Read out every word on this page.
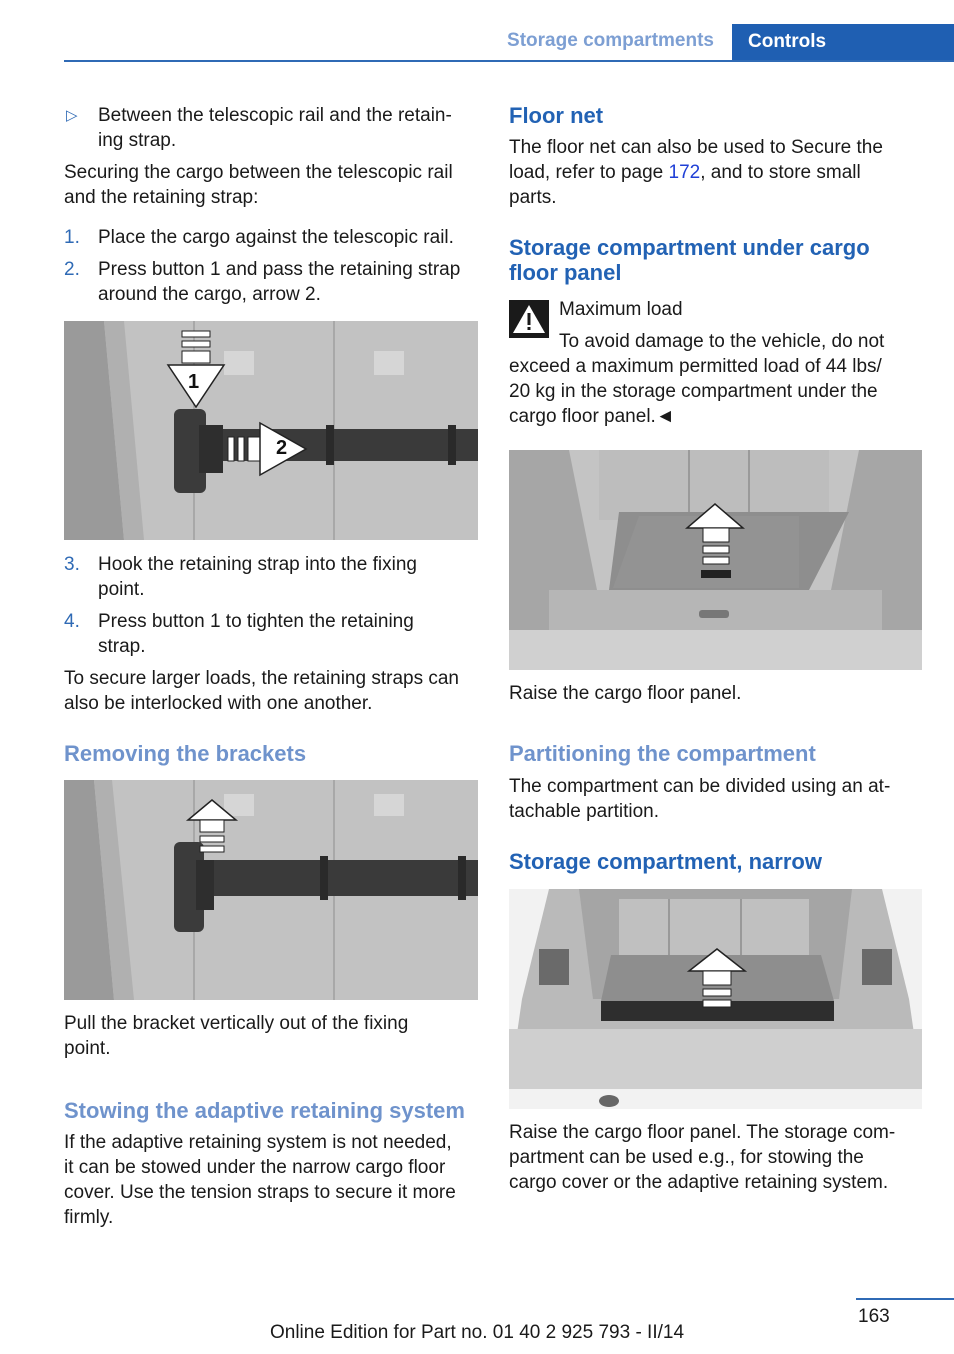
Storage compartments	Controls
▷ Between the telescopic rail and the retain-
ing strap.
Securing the cargo between the telescopic rail
and the retaining strap:
1. Place the cargo against the telescopic rail.
2. Press button 1 and pass the retaining strap
around the cargo, arrow 2.
1
2
3. Hook the retaining strap into the fixing
point.
4. Press button 1 to tighten the retaining
strap.
To secure larger loads, the retaining straps can
also be interlocked with one another.
Removing the brackets
Pull the bracket vertically out of the fixing
point.
Stowing the adaptive retaining system
If the adaptive retaining system is not needed,
it can be stowed under the narrow cargo floor
cover. Use the tension straps to secure it more
firmly.
Floor net
The floor net can also be used to Secure the
load, refer to page 172, and to store small
parts.
Storage compartment under cargo
floor panel
Maximum load
To avoid damage to the vehicle, do not
exceed a maximum permitted load of 44 lbs/
20 kg in the storage compartment under the
cargo floor panel.◄
Raise the cargo floor panel.
Partitioning the compartment
The compartment can be divided using an at-
tachable partition.
Storage compartment, narrow
Raise the cargo floor panel. The storage com-
partment can be used e.g., for stowing the
cargo cover or the adaptive retaining system.
163
Online Edition for Part no. 01 40 2 925 793 - II/14
